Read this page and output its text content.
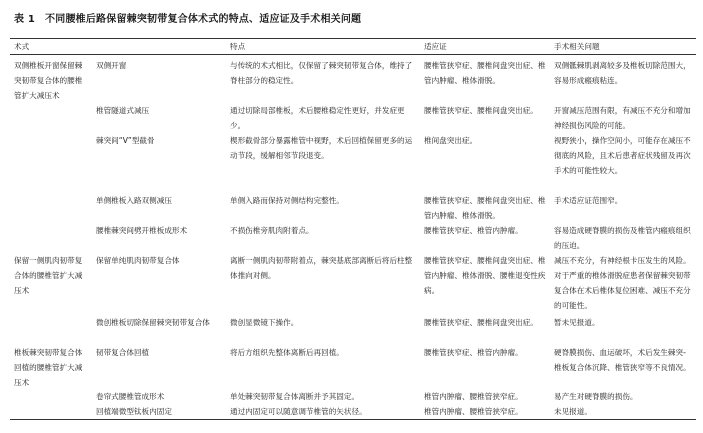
表 1 不同腰椎后路保留棘突韧带复合体术式的特点、适应证及手术相关问题
术式		特点	适应证	手术相关问题
双侧椎板开窗保留棘突韧带复合体的腰椎管扩大减压术	双侧开窗	与传统的术式相比，仅保留了棘突韧带复合体，维持了脊柱部分的稳定性。	腰椎管狭窄症、腰椎间盘突出症、椎管内肿瘤、椎体滑脱。	双侧骶棘肌剥离较多及椎板切除范围大，容易形成瘢痕粘连。
	椎管隧道式减压	通过切除局部椎板，术后腰椎稳定性更好，并发症更少。	腰椎管狭窄症、腰椎间盘突出症。	开窗减压范围有限，有减压不充分和增加神经损伤风险的可能。
	棘突间“V”型截骨	楔形截骨部分暴露椎管中视野，术后回植保留更多的运动节段，缓解相邻节段退变。	椎间盘突出症。	视野狭小，操作空间小，可能存在减压不彻底的风险，且术后患者症状残留及再次手术的可能性较大。
	单侧椎板入路双侧减压	单侧入路而保持对侧结构完整性。	腰椎管狭窄症、腰椎间盘突出症、椎管内肿瘤、椎体滑脱。	手术适应证范围窄。
	腰椎棘突间劈开椎板成形术	不损伤椎旁肌肉附着点。	腰椎管狭窄症、椎管内肿瘤。	容易造成硬脊膜的损伤及椎管内瘢痕组织的压迫。
保留一侧肌肉韧带复合体的腰椎管扩大减压术	保留单纯肌肉韧带复合体	离断一侧肌肉韧带附着点，棘突基底部离断后将后柱整体推向对侧。	腰椎管狭窄症、腰椎间盘突出症、椎管内肿瘤、椎体滑脱、腰椎退变性疾病。	减压不充分，有神经根卡压发生的风险。对于严重的椎体滑脱症患者保留棘突韧带复合体在术后椎体复位困难、减压不充分的可能性。
	微创椎板切除保留棘突韧带复合体	微创显微镜下操作。	腰椎管狭窄症、腰椎间盘突出症。	暂未见报道。
椎板棘突韧带复合体回植的腰椎管扩大减压术	韧带复合体回植	将后方组织先整体离断后再回植。	腰椎管狭窄症、椎管内肿瘤。	硬脊膜损伤、血运破坏，术后发生棘突-椎板复合体沉降、椎管狭窄等不良情况。
	卷帘式腰椎管成形术	单处棘突韧带复合体离断并予其固定。	椎管内肿瘤、腰椎管狭窄症。	易产生对硬脊膜的损伤。
	回植端微型钛板内固定	通过内固定可以随意调节椎管的矢状径。	椎管内肿瘤、腰椎管狭窄症。	未见报道。
